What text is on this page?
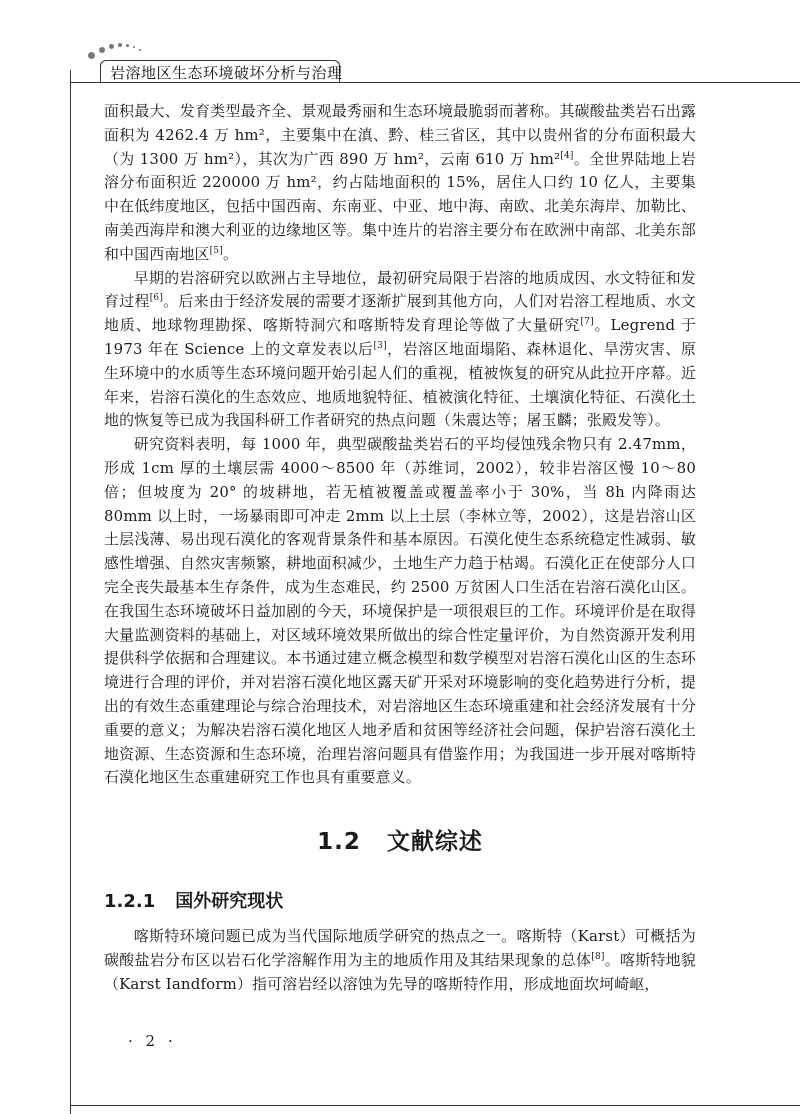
岩溶地区生态环境破坏分析与治理

面积最大、发育类型最齐全、景观最秀丽和生态环境最脆弱而著称。其碳酸盐类岩石出露面积为 4262.4 万 hm²，主要集中在滇、黔、桂三省区，其中以贵州省的分布面积最大（为 1300 万 hm²），其次为广西 890 万 hm²，云南 610 万 hm²[4]。全世界陆地上岩溶分布面积近 220000 万 hm²，约占陆地面积的 15%，居住人口约 10 亿人，主要集中在低纬度地区，包括中国西南、东南亚、中亚、地中海、南欧、北美东海岸、加勒比、南美西海岸和澳大利亚的边缘地区等。集中连片的岩溶主要分布在欧洲中南部、北美东部和中国西南地区[5]。

早期的岩溶研究以欧洲占主导地位，最初研究局限于岩溶的地质成因、水文特征和发育过程[6]。后来由于经济发展的需要才逐渐扩展到其他方向，人们对岩溶工程地质、水文地质、地球物理勘探、喀斯特洞穴和喀斯特发育理论等做了大量研究[7]。Legrend 于 1973 年在 Science 上的文章发表以后[3]，岩溶区地面塌陷、森林退化、旱涝灾害、原生环境中的水质等生态环境问题开始引起人们的重视，植被恢复的研究从此拉开序幕。近年来，岩溶石漠化的生态效应、地质地貌特征、植被演化特征、土壤演化特征、石漠化土地的恢复等已成为我国科研工作者研究的热点问题（朱震达等；屠玉麟；张殿发等）。

研究资料表明，每 1000 年，典型碳酸盐类岩石的平均侵蚀残余物只有 2.47mm，形成 1cm 厚的土壤层需 4000～8500 年（苏维词，2002），较非岩溶区慢 10～80 倍；但坡度为 20° 的坡耕地，若无植被覆盖或覆盖率小于 30%，当 8h 内降雨达 80mm 以上时，一场暴雨即可冲走 2mm 以上土层（李林立等，2002），这是岩溶山区土层浅薄、易出现石漠化的客观背景条件和基本原因。石漠化使生态系统稳定性减弱、敏感性增强、自然灾害频繁，耕地面积减少，土地生产力趋于枯竭。石漠化正在使部分人口完全丧失最基本生存条件，成为生态难民，约 2500 万贫困人口生活在岩溶石漠化山区。在我国生态环境破坏日益加剧的今天，环境保护是一项很艰巨的工作。环境评价是在取得大量监测资料的基础上，对区域环境效果所做出的综合性定量评价，为自然资源开发利用提供科学依据和合理建议。本书通过建立概念模型和数学模型对岩溶石漠化山区的生态环境进行合理的评价，并对岩溶石漠化地区露天矿开采对环境影响的变化趋势进行分析，提出的有效生态重建理论与综合治理技术，对岩溶地区生态环境重建和社会经济发展有十分重要的意义；为解决岩溶石漠化地区人地矛盾和贫困等经济社会问题，保护岩溶石漠化土地资源、生态资源和生态环境，治理岩溶问题具有借鉴作用；为我国进一步开展对喀斯特石漠化地区生态重建研究工作也具有重要意义。

1.2 文献综述
1.2.1 国外研究现状

喀斯特环境问题已成为当代国际地质学研究的热点之一。喀斯特（Karst）可概括为碳酸盐岩分布区以岩石化学溶解作用为主的地质作用及其结果现象的总体[8]。喀斯特地貌（Karst Iandform）指可溶岩经以溶蚀为先导的喀斯特作用，形成地面坎坷崎岖，

· 2 ·
